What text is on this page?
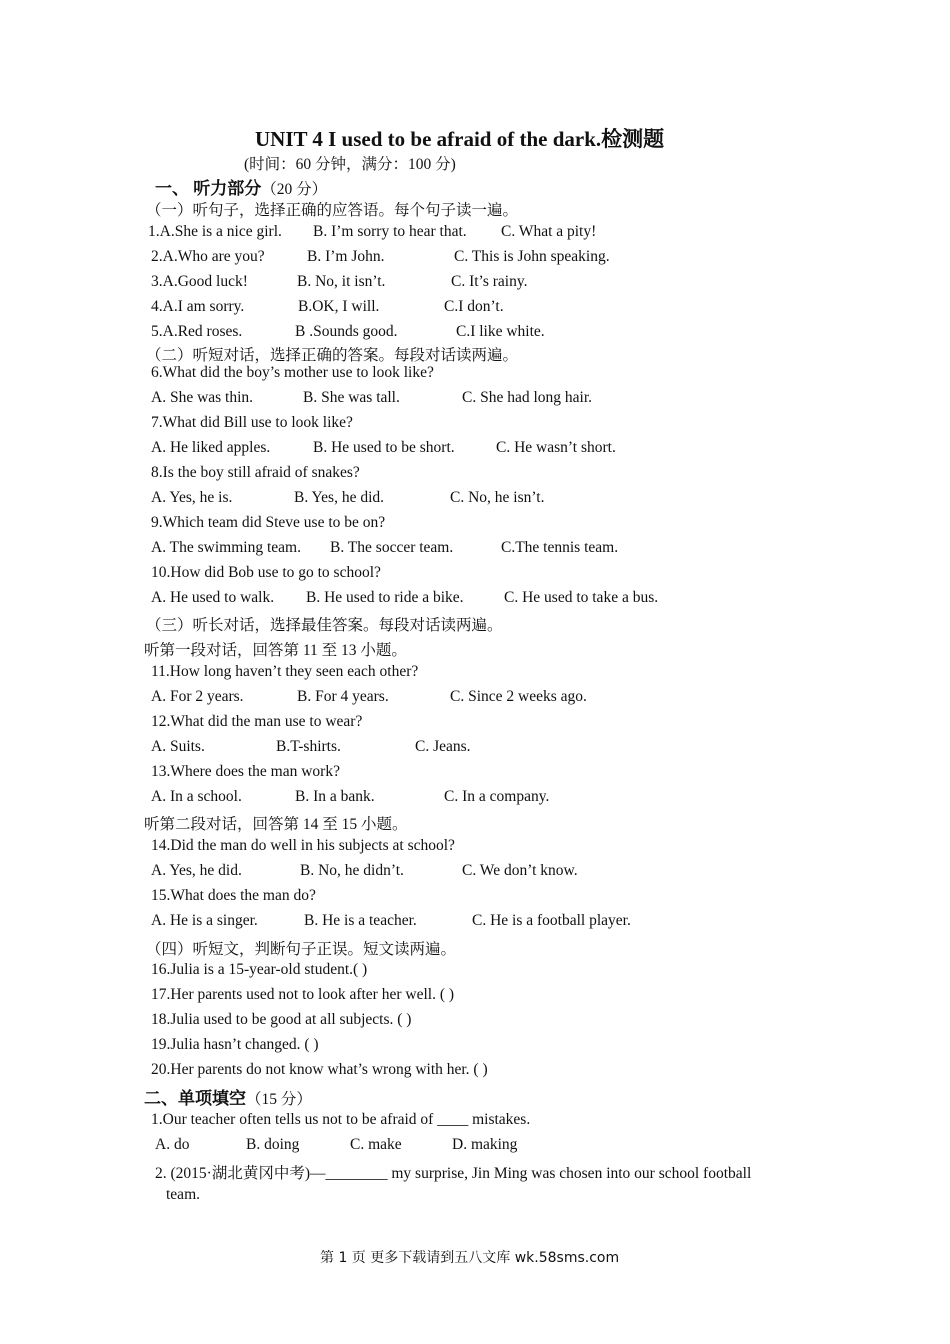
UNIT 4 I used to be afraid of the dark.检测题
(时间：60 分钟，满分：100 分)
一、 听力部分（20 分）
（一）听句子，选择正确的应答语。每个句子读一遍。
1.A.She is a nice girl. B. I’m sorry to hear that. C. What a pity!
2.A.Who are you?	B. I’m John.	C. This is John speaking.
3.A.Good luck!	B. No, it isn’t.	C. It’s rainy.
4.A.I am sorry.	B.OK, I will.	C.I don’t.
5.A.Red roses.	B .Sounds good.	C.I like white.
（二）听短对话，选择正确的答案。每段对话读两遍。
6.What did the boy’s mother use to look like?
A. She was thin.	B. She was tall.	C. She had long hair.
7.What did Bill use to look like?
A. He liked apples.	B. He used to be short.	C. He wasn’t short.
8.Is the boy still afraid of snakes?
A. Yes, he is.	B. Yes, he did.	C. No, he isn’t.
9.Which team did Steve use to be on?
A. The swimming team. B. The soccer team.	C.The tennis team.
10.How did Bob use to go to school?
A. He used to walk. B. He used to ride a bike.	C. He used to take a bus.
（三）听长对话，选择最佳答案。每段对话读两遍。
听第一段对话，回答第 11 至 13 小题。
11.How long haven’t they seen each other?
A. For 2 years.	B. For 4 years.	C. Since 2 weeks ago.
12.What did the man use to wear?
A. Suits.	B.T-shirts.	C. Jeans.
13.Where does the man work?
A. In a school.	B. In a bank.	C. In a company.
听第二段对话，回答第 14 至 15 小题。
14.Did the man do well in his subjects at school?
A. Yes, he did.	B. No, he didn’t.	C. We don’t know.
15.What does the man do?
A. He is a singer.	B. He is a teacher.	C. He is a football player.
（四）听短文，判断句子正误。短文读两遍。
16.Julia is a 15-year-old student.( )
17.Her parents used not to look after her well. ( )
18.Julia used to be good at all subjects. ( )
19.Julia hasn’t changed. ( )
20.Her parents do not know what’s wrong with her. ( )
二、单项填空（15 分）
1.Our teacher often tells us not to be afraid of ____ mistakes.
A. do	B. doing	C. make	D. making
2. (2015·湖北黄冈中考)—________ my surprise, Jin Ming was chosen into our school football
team.
第 1 页 更多下载请到五八文库 wk.58sms.com
